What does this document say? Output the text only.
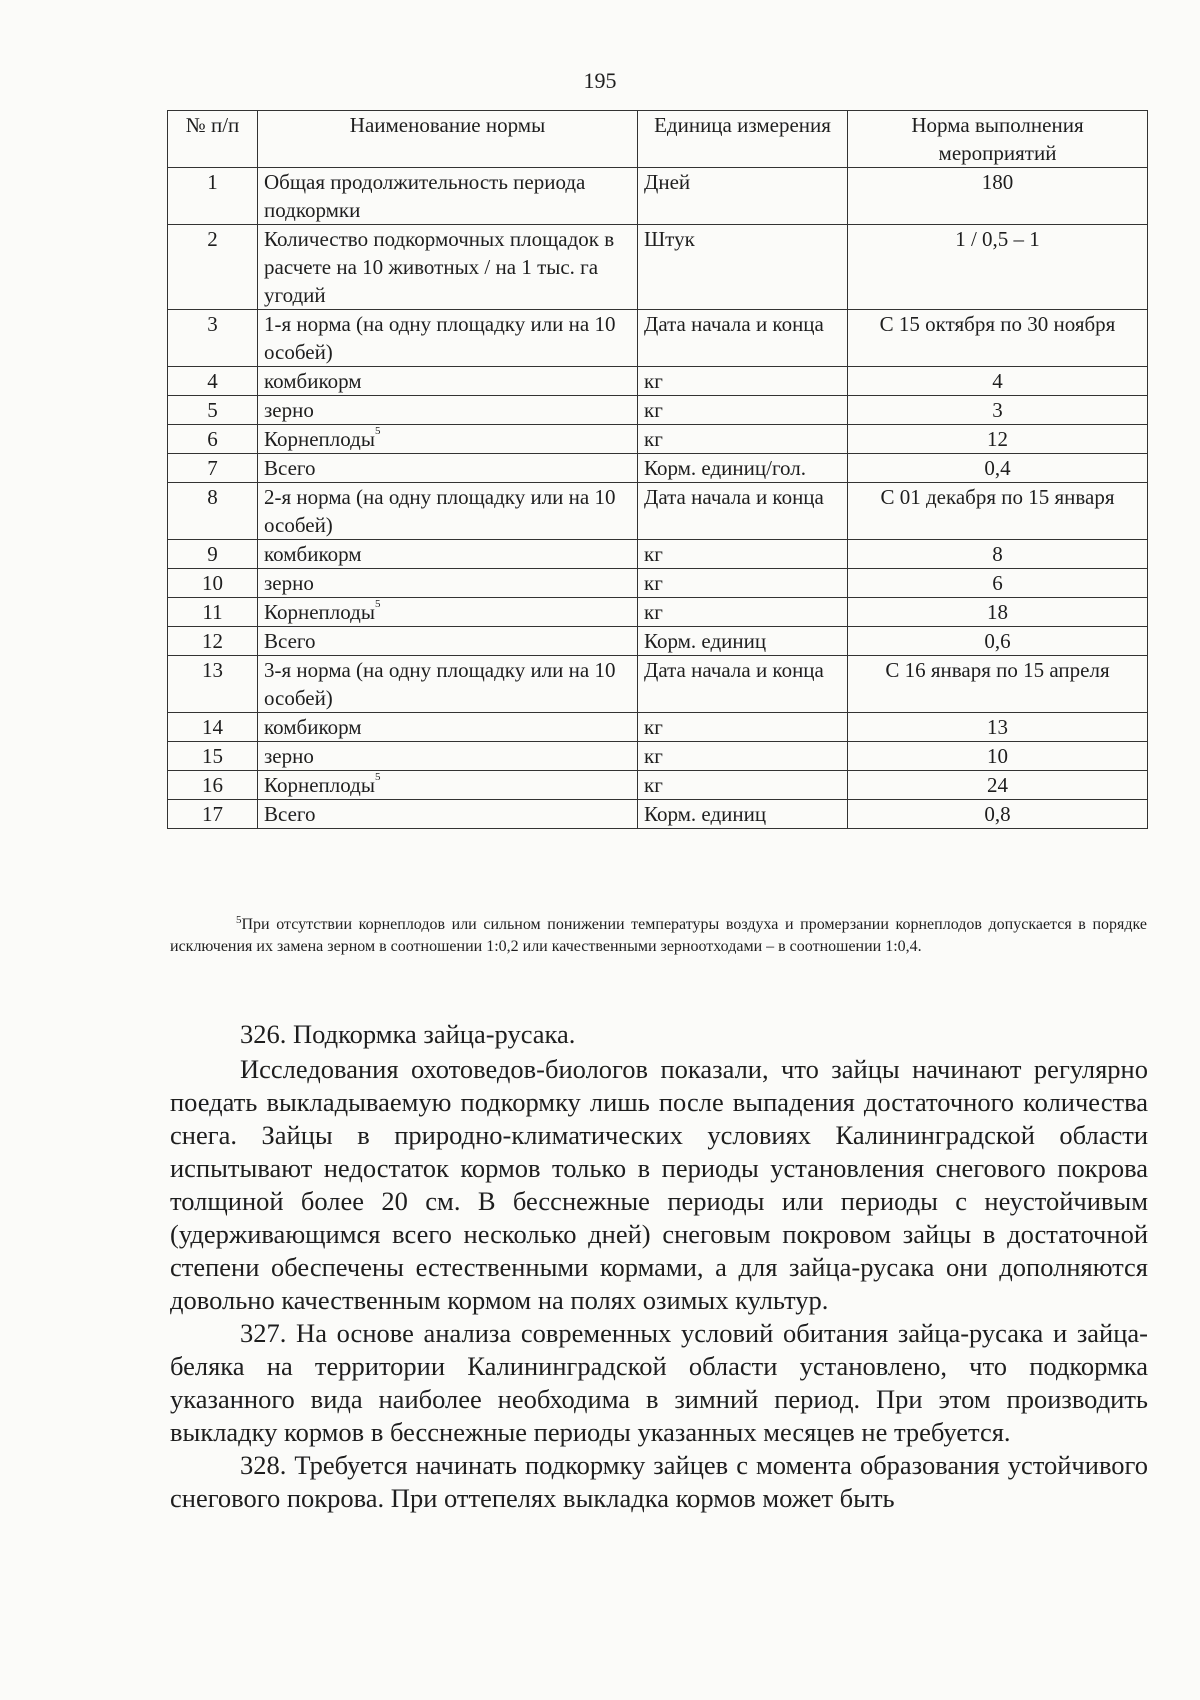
195
№ п/п	Наименование нормы	Единица измерения	Норма выполнения мероприятий
1	Общая продолжительность периода подкормки	Дней	180
2	Количество подкормочных площадок в расчете на 10 животных / на 1 тыс. га угодий	Штук	1 / 0,5 – 1
3	1-я норма (на одну площадку или на 10 особей)	Дата начала и конца	С 15 октября по 30 ноября
4	комбикорм	кг	4
5	зерно	кг	3
6	Корнеплоды$^5$	кг	12
7	Всего	Корм. единиц/гол.	0,4
8	2-я норма (на одну площадку или на 10 особей)	Дата начала и конца	С 01 декабря по 15 января
9	комбикорм	кг	8
10	зерно	кг	6
11	Корнеплоды$^5$	кг	18
12	Всего	Корм. единиц	0,6
13	3-я норма (на одну площадку или на 10 особей)	Дата начала и конца	С 16 января по 15 апреля
14	комбикорм	кг	13
15	зерно	кг	10
16	Корнеплоды$^5$	кг	24
17	Всего	Корм. единиц	0,8
$^5$При отсутствии корнеплодов или сильном понижении температуры воздуха и промерзании корнеплодов допускается в порядке исключения их замена зерном в соотношении 1:0,2 или качественными зерноотходами – в соотношении 1:0,4.

326. Подкормка зайца-русака.

Исследования охотоведов-биологов показали, что зайцы начинают регулярно поедать выкладываемую подкормку лишь после выпадения достаточного количества снега. Зайцы в природно-климатических условиях Калининградской области испытывают недостаток кормов только в периоды установления снегового покрова толщиной более 20 см. В бесснежные периоды или периоды с неустойчивым (удерживающимся всего несколько дней) снеговым покровом зайцы в достаточной степени обеспечены естественными кормами, а для зайца-русака они дополняются довольно качественным кормом на полях озимых культур.

327. На основе анализа современных условий обитания зайца-русака и зайца-беляка на территории Калининградской области установлено, что подкормка указанного вида наиболее необходима в зимний период. При этом производить выкладку кормов в бесснежные периоды указанных месяцев не требуется.

328. Требуется начинать подкормку зайцев с момента образования устойчивого снегового покрова. При оттепелях выкладка кормов может быть
